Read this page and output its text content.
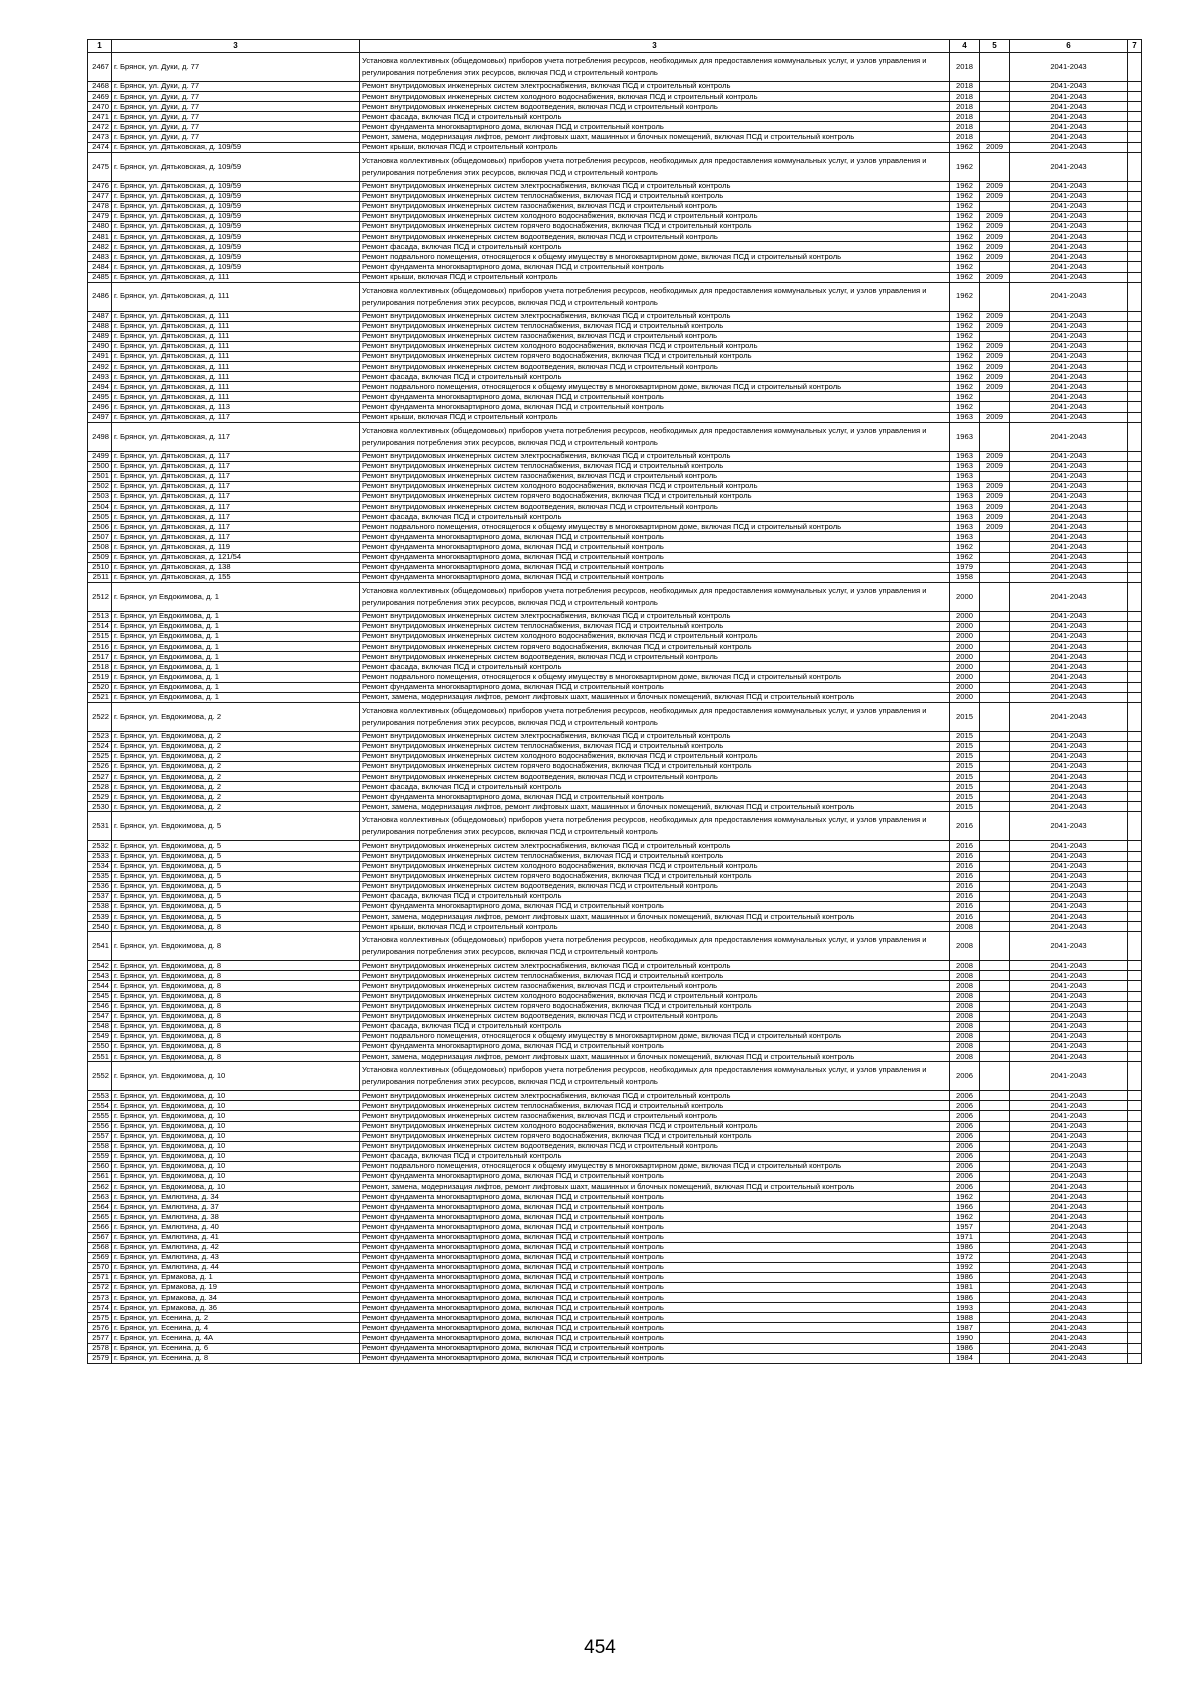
1	3	3	4	5	6	7
2467	г. Брянск, ул. Дуки, д. 77	Установка коллективных (общедомовых) приборов учета потребления ресурсов, необходимых для предоставления коммунальных услуг, и узлов управления и регулирования потребления этих ресурсов, включая ПСД и строительный контроль	2018		2041-2043	
2468	г. Брянск, ул. Дуки, д. 77	Ремонт внутридомовых инженерных систем электроснабжения, включая ПСД и строительный контроль	2018		2041-2043	
2469	г. Брянск, ул. Дуки, д. 77	Ремонт внутридомовых инженерных систем холодного водоснабжения, включая ПСД и строительный контроль	2018		2041-2043	
2470	г. Брянск, ул. Дуки, д. 77	Ремонт внутридомовых инженерных систем водоотведения, включая ПСД и строительный контроль	2018		2041-2043	
2471	г. Брянск, ул. Дуки, д. 77	Ремонт фасада, включая ПСД и строительный контроль	2018		2041-2043	
2472	г. Брянск, ул. Дуки, д. 77	Ремонт фундамента многоквартирного дома, включая ПСД и строительный контроль	2018		2041-2043	
2473	г. Брянск, ул. Дуки, д. 77	Ремонт, замена, модернизация лифтов, ремонт лифтовых шахт, машинных и блочных помещений, включая ПСД и строительный контроль	2018		2041-2043	
2474	г. Брянск, ул. Дятьковская, д. 109/59	Ремонт крыши, включая ПСД и строительный контроль	1962	2009	2041-2043	
2475	г. Брянск, ул. Дятьковская, д. 109/59	Установка коллективных (общедомовых) приборов учета потребления ресурсов, необходимых для предоставления коммунальных услуг, и узлов управления и регулирования потребления этих ресурсов, включая ПСД и строительный контроль	1962		2041-2043	
2476	г. Брянск, ул. Дятьковская, д. 109/59	Ремонт внутридомовых инженерных систем электроснабжения, включая ПСД и строительный контроль	1962	2009	2041-2043	
2477	г. Брянск, ул. Дятьковская, д. 109/59	Ремонт внутридомовых инженерных систем теплоснабжения, включая ПСД и строительный контроль	1962	2009	2041-2043	
2478	г. Брянск, ул. Дятьковская, д. 109/59	Ремонт внутридомовых инженерных систем газоснабжения, включая ПСД и строительный контроль	1962		2041-2043	
2479	г. Брянск, ул. Дятьковская, д. 109/59	Ремонт внутридомовых инженерных систем холодного водоснабжения, включая ПСД и строительный контроль	1962	2009	2041-2043	
2480	г. Брянск, ул. Дятьковская, д. 109/59	Ремонт внутридомовых инженерных систем горячего водоснабжения, включая ПСД и строительный контроль	1962	2009	2041-2043	
2481	г. Брянск, ул. Дятьковская, д. 109/59	Ремонт внутридомовых инженерных систем водоотведения, включая ПСД и строительный контроль	1962	2009	2041-2043	
2482	г. Брянск, ул. Дятьковская, д. 109/59	Ремонт фасада, включая ПСД и строительный контроль	1962	2009	2041-2043	
2483	г. Брянск, ул. Дятьковская, д. 109/59	Ремонт подвального помещения, относящегося к общему имуществу в многоквартирном доме, включая ПСД и строительный контроль	1962	2009	2041-2043	
2484	г. Брянск, ул. Дятьковская, д. 109/59	Ремонт фундамента многоквартирного дома, включая ПСД и строительный контроль	1962		2041-2043	
2485	г. Брянск, ул. Дятьковская, д. 111	Ремонт крыши, включая ПСД и строительный контроль	1962	2009	2041-2043	
2486	г. Брянск, ул. Дятьковская, д. 111	Установка коллективных (общедомовых) приборов учета потребления ресурсов, необходимых для предоставления коммунальных услуг, и узлов управления и регулирования потребления этих ресурсов, включая ПСД и строительный контроль	1962		2041-2043	
2487	г. Брянск, ул. Дятьковская, д. 111	Ремонт внутридомовых инженерных систем электроснабжения, включая ПСД и строительный контроль	1962	2009	2041-2043	
2488	г. Брянск, ул. Дятьковская, д. 111	Ремонт внутридомовых инженерных систем теплоснабжения, включая ПСД и строительный контроль	1962	2009	2041-2043	
2489	г. Брянск, ул. Дятьковская, д. 111	Ремонт внутридомовых инженерных систем газоснабжения, включая ПСД и строительный контроль	1962		2041-2043	
2490	г. Брянск, ул. Дятьковская, д. 111	Ремонт внутридомовых инженерных систем холодного водоснабжения, включая ПСД и строительный контроль	1962	2009	2041-2043	
2491	г. Брянск, ул. Дятьковская, д. 111	Ремонт внутридомовых инженерных систем горячего водоснабжения, включая ПСД и строительный контроль	1962	2009	2041-2043	
2492	г. Брянск, ул. Дятьковская, д. 111	Ремонт внутридомовых инженерных систем водоотведения, включая ПСД и строительный контроль	1962	2009	2041-2043	
2493	г. Брянск, ул. Дятьковская, д. 111	Ремонт фасада, включая ПСД и строительный контроль	1962	2009	2041-2043	
2494	г. Брянск, ул. Дятьковская, д. 111	Ремонт подвального помещения, относящегося к общему имуществу в многоквартирном доме, включая ПСД и строительный контроль	1962	2009	2041-2043	
2495	г. Брянск, ул. Дятьковская, д. 111	Ремонт фундамента многоквартирного дома, включая ПСД и строительный контроль	1962		2041-2043	
2496	г. Брянск, ул. Дятьковская, д. 113	Ремонт фундамента многоквартирного дома, включая ПСД и строительный контроль	1962		2041-2043	
2497	г. Брянск, ул. Дятьковская, д. 117	Ремонт крыши, включая ПСД и строительный контроль	1963	2009	2041-2043	
2498	г. Брянск, ул. Дятьковская, д. 117	Установка коллективных (общедомовых) приборов учета потребления ресурсов, необходимых для предоставления коммунальных услуг, и узлов управления и регулирования потребления этих ресурсов, включая ПСД и строительный контроль	1963		2041-2043	
2499	г. Брянск, ул. Дятьковская, д. 117	Ремонт внутридомовых инженерных систем электроснабжения, включая ПСД и строительный контроль	1963	2009	2041-2043	
2500	г. Брянск, ул. Дятьковская, д. 117	Ремонт внутридомовых инженерных систем теплоснабжения, включая ПСД и строительный контроль	1963	2009	2041-2043	
2501	г. Брянск, ул. Дятьковская, д. 117	Ремонт внутридомовых инженерных систем газоснабжения, включая ПСД и строительный контроль	1963		2041-2043	
2502	г. Брянск, ул. Дятьковская, д. 117	Ремонт внутридомовых инженерных систем холодного водоснабжения, включая ПСД и строительный контроль	1963	2009	2041-2043	
2503	г. Брянск, ул. Дятьковская, д. 117	Ремонт внутридомовых инженерных систем горячего водоснабжения, включая ПСД и строительный контроль	1963	2009	2041-2043	
2504	г. Брянск, ул. Дятьковская, д. 117	Ремонт внутридомовых инженерных систем водоотведения, включая ПСД и строительный контроль	1963	2009	2041-2043	
2505	г. Брянск, ул. Дятьковская, д. 117	Ремонт фасада, включая ПСД и строительный контроль	1963	2009	2041-2043	
2506	г. Брянск, ул. Дятьковская, д. 117	Ремонт подвального помещения, относящегося к общему имуществу в многоквартирном доме, включая ПСД и строительный контроль	1963	2009	2041-2043	
2507	г. Брянск, ул. Дятьковская, д. 117	Ремонт фундамента многоквартирного дома, включая ПСД и строительный контроль	1963		2041-2043	
2508	г. Брянск, ул. Дятьковская, д. 119	Ремонт фундамента многоквартирного дома, включая ПСД и строительный контроль	1962		2041-2043	
2509	г. Брянск, ул. Дятьковская, д. 121/54	Ремонт фундамента многоквартирного дома, включая ПСД и строительный контроль	1962		2041-2043	
2510	г. Брянск, ул. Дятьковская, д. 138	Ремонт фундамента многоквартирного дома, включая ПСД и строительный контроль	1979		2041-2043	
2511	г. Брянск, ул. Дятьковская, д. 155	Ремонт фундамента многоквартирного дома, включая ПСД и строительный контроль	1958		2041-2043	
2512	г. Брянск, ул Евдокимова, д. 1	Установка коллективных (общедомовых) приборов учета потребления ресурсов, необходимых для предоставления коммунальных услуг, и узлов управления и регулирования потребления этих ресурсов, включая ПСД и строительный контроль	2000		2041-2043	
2513	г. Брянск, ул Евдокимова, д. 1	Ремонт внутридомовых инженерных систем электроснабжения, включая ПСД и строительный контроль	2000		2041-2043	
2514	г. Брянск, ул Евдокимова, д. 1	Ремонт внутридомовых инженерных систем теплоснабжения, включая ПСД и строительный контроль	2000		2041-2043	
2515	г. Брянск, ул Евдокимова, д. 1	Ремонт внутридомовых инженерных систем холодного водоснабжения, включая ПСД и строительный контроль	2000		2041-2043	
2516	г. Брянск, ул Евдокимова, д. 1	Ремонт внутридомовых инженерных систем горячего водоснабжения, включая ПСД и строительный контроль	2000		2041-2043	
2517	г. Брянск, ул Евдокимова, д. 1	Ремонт внутридомовых инженерных систем водоотведения, включая ПСД и строительный контроль	2000		2041-2043	
2518	г. Брянск, ул Евдокимова, д. 1	Ремонт фасада, включая ПСД и строительный контроль	2000		2041-2043	
2519	г. Брянск, ул Евдокимова, д. 1	Ремонт подвального помещения, относящегося к общему имуществу в многоквартирном доме, включая ПСД и строительный контроль	2000		2041-2043	
2520	г. Брянск, ул Евдокимова, д. 1	Ремонт фундамента многоквартирного дома, включая ПСД и строительный контроль	2000		2041-2043	
2521	г. Брянск, ул Евдокимова, д. 1	Ремонт, замена, модернизация лифтов, ремонт лифтовых шахт, машинных и блочных помещений, включая ПСД и строительный контроль	2000		2041-2043	
2522	г. Брянск, ул. Евдокимова, д. 2	Установка коллективных (общедомовых) приборов учета потребления ресурсов, необходимых для предоставления коммунальных услуг, и узлов управления и регулирования потребления этих ресурсов, включая ПСД и строительный контроль	2015		2041-2043	
2523	г. Брянск, ул. Евдокимова, д. 2	Ремонт внутридомовых инженерных систем электроснабжения, включая ПСД и строительный контроль	2015		2041-2043	
2524	г. Брянск, ул. Евдокимова, д. 2	Ремонт внутридомовых инженерных систем теплоснабжения, включая ПСД и строительный контроль	2015		2041-2043	
2525	г. Брянск, ул. Евдокимова, д. 2	Ремонт внутридомовых инженерных систем холодного водоснабжения, включая ПСД и строительный контроль	2015		2041-2043	
2526	г. Брянск, ул. Евдокимова, д. 2	Ремонт внутридомовых инженерных систем горячего водоснабжения, включая ПСД и строительный контроль	2015		2041-2043	
2527	г. Брянск, ул. Евдокимова, д. 2	Ремонт внутридомовых инженерных систем водоотведения, включая ПСД и строительный контроль	2015		2041-2043	
2528	г. Брянск, ул. Евдокимова, д. 2	Ремонт фасада, включая ПСД и строительный контроль	2015		2041-2043	
2529	г. Брянск, ул. Евдокимова, д. 2	Ремонт фундамента многоквартирного дома, включая ПСД и строительный контроль	2015		2041-2043	
2530	г. Брянск, ул. Евдокимова, д. 2	Ремонт, замена, модернизация лифтов, ремонт лифтовых шахт, машинных и блочных помещений, включая ПСД и строительный контроль	2015		2041-2043	
2531	г. Брянск, ул. Евдокимова, д. 5	Установка коллективных (общедомовых) приборов учета потребления ресурсов, необходимых для предоставления коммунальных услуг, и узлов управления и регулирования потребления этих ресурсов, включая ПСД и строительный контроль	2016		2041-2043	
2532	г. Брянск, ул. Евдокимова, д. 5	Ремонт внутридомовых инженерных систем электроснабжения, включая ПСД и строительный контроль	2016		2041-2043	
2533	г. Брянск, ул. Евдокимова, д. 5	Ремонт внутридомовых инженерных систем теплоснабжения, включая ПСД и строительный контроль	2016		2041-2043	
2534	г. Брянск, ул. Евдокимова, д. 5	Ремонт внутридомовых инженерных систем холодного водоснабжения, включая ПСД и строительный контроль	2016		2041-2043	
2535	г. Брянск, ул. Евдокимова, д. 5	Ремонт внутридомовых инженерных систем горячего водоснабжения, включая ПСД и строительный контроль	2016		2041-2043	
2536	г. Брянск, ул. Евдокимова, д. 5	Ремонт внутридомовых инженерных систем водоотведения, включая ПСД и строительный контроль	2016		2041-2043	
2537	г. Брянск, ул. Евдокимова, д. 5	Ремонт фасада, включая ПСД и строительный контроль	2016		2041-2043	
2538	г. Брянск, ул. Евдокимова, д. 5	Ремонт фундамента многоквартирного дома, включая ПСД и строительный контроль	2016		2041-2043	
2539	г. Брянск, ул. Евдокимова, д. 5	Ремонт, замена, модернизация лифтов, ремонт лифтовых шахт, машинных и блочных помещений, включая ПСД и строительный контроль	2016		2041-2043	
2540	г. Брянск, ул. Евдокимова, д. 8	Ремонт крыши, включая ПСД и строительный контроль	2008		2041-2043	
2541	г. Брянск, ул. Евдокимова, д. 8	Установка коллективных (общедомовых) приборов учета потребления ресурсов, необходимых для предоставления коммунальных услуг, и узлов управления и регулирования потребления этих ресурсов, включая ПСД и строительный контроль	2008		2041-2043	
2542	г. Брянск, ул. Евдокимова, д. 8	Ремонт внутридомовых инженерных систем электроснабжения, включая ПСД и строительный контроль	2008		2041-2043	
2543	г. Брянск, ул. Евдокимова, д. 8	Ремонт внутридомовых инженерных систем теплоснабжения, включая ПСД и строительный контроль	2008		2041-2043	
2544	г. Брянск, ул. Евдокимова, д. 8	Ремонт внутридомовых инженерных систем газоснабжения, включая ПСД и строительный контроль	2008		2041-2043	
2545	г. Брянск, ул. Евдокимова, д. 8	Ремонт внутридомовых инженерных систем холодного водоснабжения, включая ПСД и строительный контроль	2008		2041-2043	
2546	г. Брянск, ул. Евдокимова, д. 8	Ремонт внутридомовых инженерных систем горячего водоснабжения, включая ПСД и строительный контроль	2008		2041-2043	
2547	г. Брянск, ул. Евдокимова, д. 8	Ремонт внутридомовых инженерных систем водоотведения, включая ПСД и строительный контроль	2008		2041-2043	
2548	г. Брянск, ул. Евдокимова, д. 8	Ремонт фасада, включая ПСД и строительный контроль	2008		2041-2043	
2549	г. Брянск, ул. Евдокимова, д. 8	Ремонт подвального помещения, относящегося к общему имуществу в многоквартирном доме, включая ПСД и строительный контроль	2008		2041-2043	
2550	г. Брянск, ул. Евдокимова, д. 8	Ремонт фундамента многоквартирного дома, включая ПСД и строительный контроль	2008		2041-2043	
2551	г. Брянск, ул. Евдокимова, д. 8	Ремонт, замена, модернизация лифтов, ремонт лифтовых шахт, машинных и блочных помещений, включая ПСД и строительный контроль	2008		2041-2043	
2552	г. Брянск, ул. Евдокимова, д. 10	Установка коллективных (общедомовых) приборов учета потребления ресурсов, необходимых для предоставления коммунальных услуг, и узлов управления и регулирования потребления этих ресурсов, включая ПСД и строительный контроль	2006		2041-2043	
2553	г. Брянск, ул. Евдокимова, д. 10	Ремонт внутридомовых инженерных систем электроснабжения, включая ПСД и строительный контроль	2006		2041-2043	
2554	г. Брянск, ул. Евдокимова, д. 10	Ремонт внутридомовых инженерных систем теплоснабжения, включая ПСД и строительный контроль	2006		2041-2043	
2555	г. Брянск, ул. Евдокимова, д. 10	Ремонт внутридомовых инженерных систем газоснабжения, включая ПСД и строительный контроль	2006		2041-2043	
2556	г. Брянск, ул. Евдокимова, д. 10	Ремонт внутридомовых инженерных систем холодного водоснабжения, включая ПСД и строительный контроль	2006		2041-2043	
2557	г. Брянск, ул. Евдокимова, д. 10	Ремонт внутридомовых инженерных систем горячего водоснабжения, включая ПСД и строительный контроль	2006		2041-2043	
2558	г. Брянск, ул. Евдокимова, д. 10	Ремонт внутридомовых инженерных систем водоотведения, включая ПСД и строительный контроль	2006		2041-2043	
2559	г. Брянск, ул. Евдокимова, д. 10	Ремонт фасада, включая ПСД и строительный контроль	2006		2041-2043	
2560	г. Брянск, ул. Евдокимова, д. 10	Ремонт подвального помещения, относящегося к общему имуществу в многоквартирном доме, включая ПСД и строительный контроль	2006		2041-2043	
2561	г. Брянск, ул. Евдокимова, д. 10	Ремонт фундамента многоквартирного дома, включая ПСД и строительный контроль	2006		2041-2043	
2562	г. Брянск, ул. Евдокимова, д. 10	Ремонт, замена, модернизация лифтов, ремонт лифтовых шахт, машинных и блочных помещений, включая ПСД и строительный контроль	2006		2041-2043	
2563	г. Брянск, ул. Емлютина, д. 34	Ремонт фундамента многоквартирного дома, включая ПСД и строительный контроль	1962		2041-2043	
2564	г. Брянск, ул. Емлютина, д. 37	Ремонт фундамента многоквартирного дома, включая ПСД и строительный контроль	1966		2041-2043	
2565	г. Брянск, ул. Емлютина, д. 38	Ремонт фундамента многоквартирного дома, включая ПСД и строительный контроль	1962		2041-2043	
2566	г. Брянск, ул. Емлютина, д. 40	Ремонт фундамента многоквартирного дома, включая ПСД и строительный контроль	1957		2041-2043	
2567	г. Брянск, ул. Емлютина, д. 41	Ремонт фундамента многоквартирного дома, включая ПСД и строительный контроль	1971		2041-2043	
2568	г. Брянск, ул. Емлютина, д. 42	Ремонт фундамента многоквартирного дома, включая ПСД и строительный контроль	1986		2041-2043	
2569	г. Брянск, ул. Емлютина, д. 43	Ремонт фундамента многоквартирного дома, включая ПСД и строительный контроль	1972		2041-2043	
2570	г. Брянск, ул. Емлютина, д. 44	Ремонт фундамента многоквартирного дома, включая ПСД и строительный контроль	1992		2041-2043	
2571	г. Брянск, ул. Ермакова, д. 1	Ремонт фундамента многоквартирного дома, включая ПСД и строительный контроль	1986		2041-2043	
2572	г. Брянск, ул. Ермакова, д. 19	Ремонт фундамента многоквартирного дома, включая ПСД и строительный контроль	1981		2041-2043	
2573	г. Брянск, ул. Ермакова, д. 34	Ремонт фундамента многоквартирного дома, включая ПСД и строительный контроль	1986		2041-2043	
2574	г. Брянск, ул. Ермакова, д. 36	Ремонт фундамента многоквартирного дома, включая ПСД и строительный контроль	1993		2041-2043	
2575	г. Брянск, ул. Есенина, д. 2	Ремонт фундамента многоквартирного дома, включая ПСД и строительный контроль	1988		2041-2043	
2576	г. Брянск, ул. Есенина, д. 4	Ремонт фундамента многоквартирного дома, включая ПСД и строительный контроль	1987		2041-2043	
2577	г. Брянск, ул. Есенина, д. 4А	Ремонт фундамента многоквартирного дома, включая ПСД и строительный контроль	1990		2041-2043	
2578	г. Брянск, ул. Есенина, д. 6	Ремонт фундамента многоквартирного дома, включая ПСД и строительный контроль	1986		2041-2043	
2579	г. Брянск, ул. Есенина, д. 8	Ремонт фундамента многоквартирного дома, включая ПСД и строительный контроль	1984		2041-2043	
454
